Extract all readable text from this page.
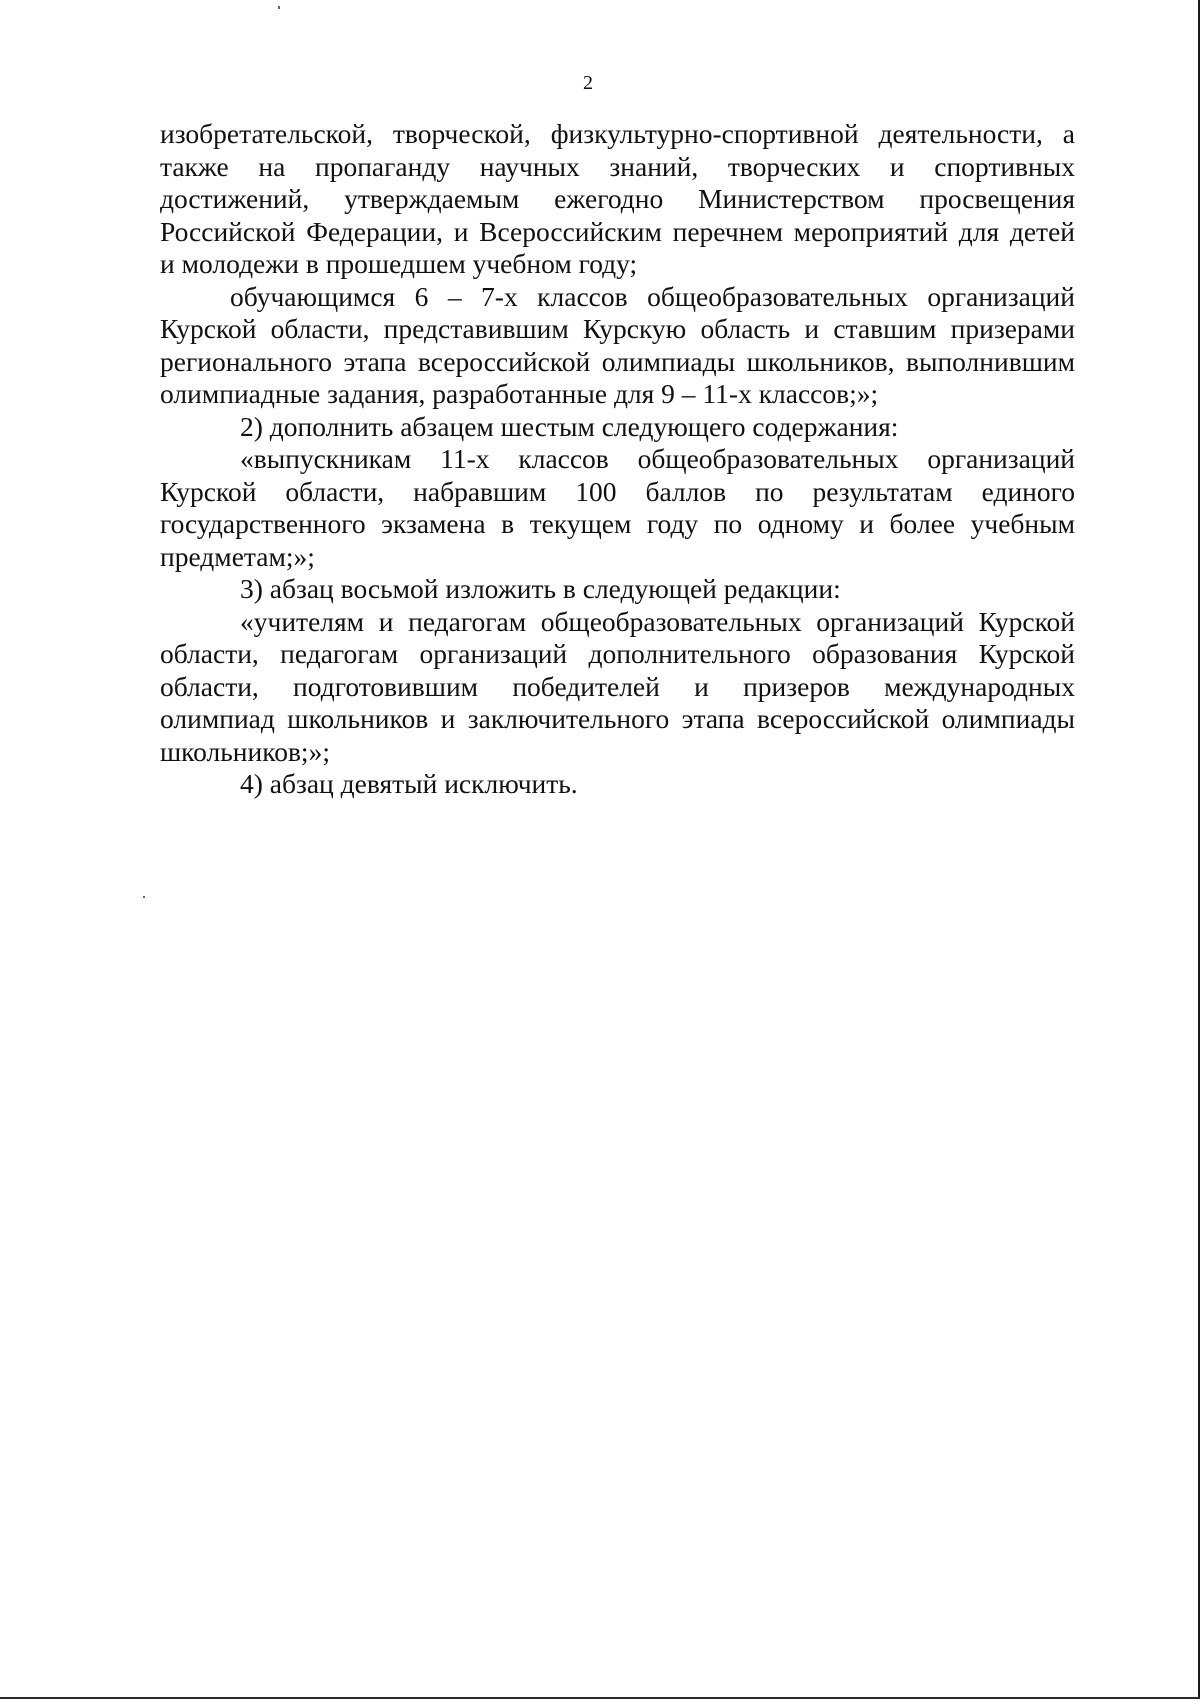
2

изобретательской, творческой, физкультурно-спортивной деятельности, а
также на пропаганду научных знаний, творческих и спортивных
достижений, утверждаемым ежегодно Министерством просвещения
Российской Федерации, и Всероссийским перечнем мероприятий для детей
и молодежи в прошедшем учебном году;

обучающимся 6 – 7-х классов общеобразовательных организаций
Курской области, представившим Курскую область и ставшим призерами
регионального этапа всероссийской олимпиады школьников, выполнившим
олимпиадные задания, разработанные для 9 – 11-х классов;»;

2) дополнить абзацем шестым следующего содержания:

«выпускникам 11-х классов общеобразовательных организаций
Курской области, набравшим 100 баллов по результатам единого
государственного экзамена в текущем году по одному и более учебным
предметам;»;

3) абзац восьмой изложить в следующей редакции:

«учителям и педагогам общеобразовательных организаций Курской
области, педагогам организаций дополнительного образования Курской
области, подготовившим победителей и призеров международных
олимпиад школьников и заключительного этапа всероссийской олимпиады
школьников;»;

4) абзац девятый исключить.
